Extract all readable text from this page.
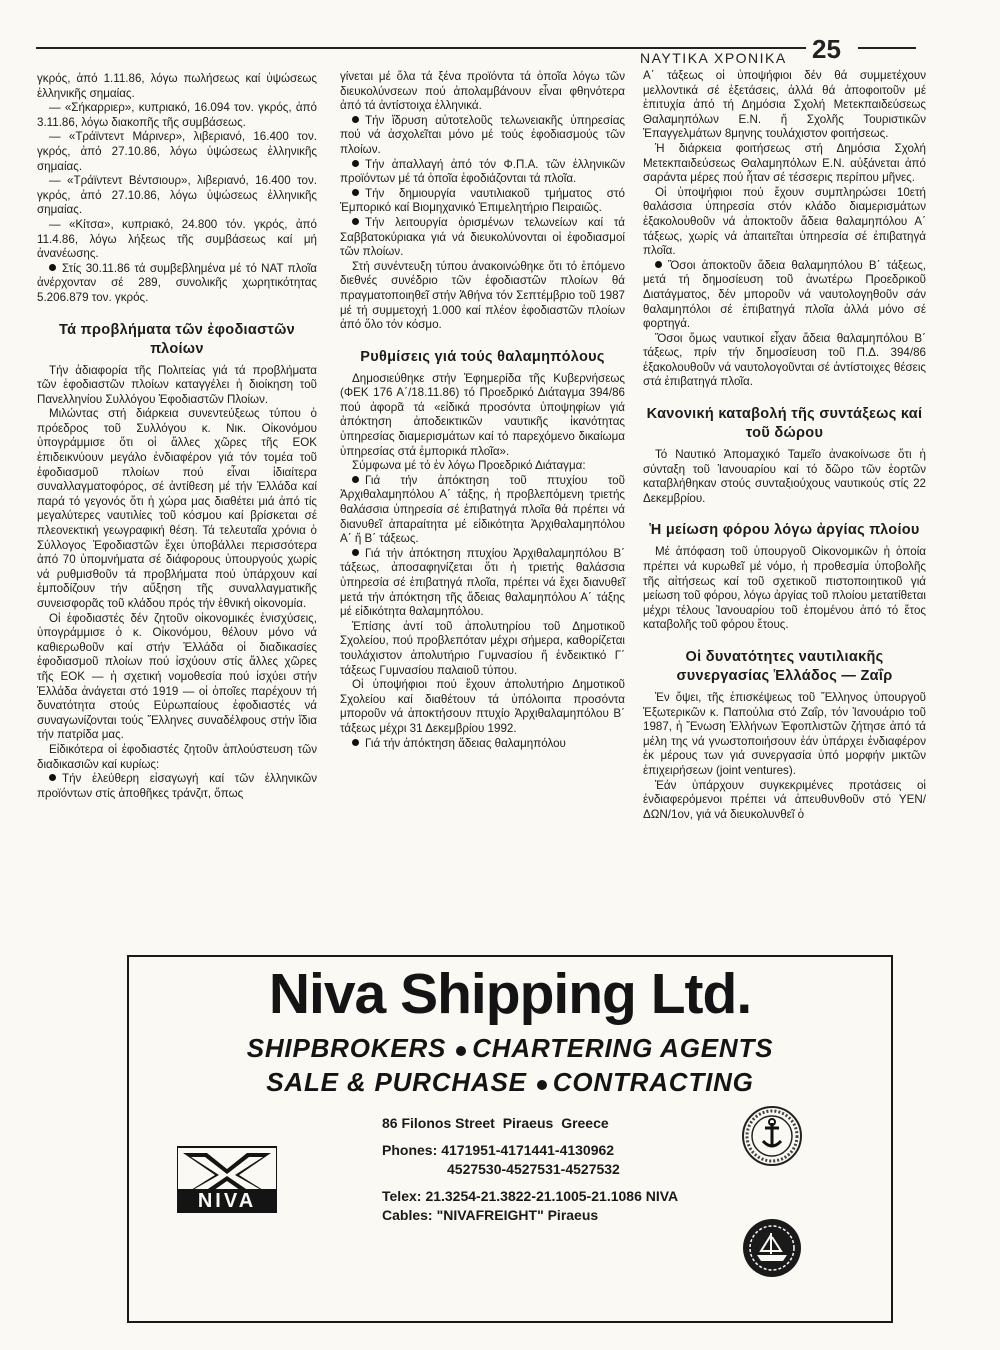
ΝΑΥΤΙΚΑ ΧΡΟΝΙΚΑ 25

γκρός, ἀπό 1.11.86, λόγω πωλήσεως καί ὑψώσεως ἑλληνικῆς σημαίας.

— «Σήκαρριερ», κυπριακό, 16.094 τον. γκρός, ἀπό 3.11.86, λόγω διακοπῆς τῆς συμβάσεως.

— «Τράϊντεντ Μάρινερ», λιβεριανό, 16.400 τον. γκρός, ἀπό 27.10.86, λόγω ὑψώσεως ἑλληνικῆς σημαίας.

— «Τράϊντεντ Βέντσιουρ», λιβεριανό, 16.400 τον. γκρός, ἀπό 27.10.86, λόγω ὑψώσεως ἑλληνικῆς σημαίας.

— «Κίτσα», κυπριακό, 24.800 τόν. γκρός, ἀπό 11.4.86, λόγω λήξεως τῆς συμβάσεως καί μή ἀνανέωσης.

Στίς 30.11.86 τά συμβεβλημένα μέ τό ΝΑΤ πλοῖα ἀνέρχονταν σέ 289, συνολικῆς χωρητικότητας 5.206.879 τον. γκρός.

Τά προβλήματα τῶν ἐφοδιαστῶν πλοίων

Τήν ἀδιαφορία τῆς Πολιτείας γιά τά προβλήματα τῶν ἐφοδιαστῶν πλοίων καταγγέλει ἡ διοίκηση τοῦ Πανελληνίου Συλλόγου Ἐφοδιαστῶν Πλοίων.

Μιλώντας στή διάρκεια συνεντεύξεως τύπου ὁ πρόεδρος τοῦ Συλλόγου κ. Νικ. Οἰκονόμου ὑπογράμμισε ὅτι οἱ ἄλλες χῶρες τῆς ΕΟΚ ἐπιδεικνύουν μεγάλο ἐνδιαφέρον γιά τόν τομέα τοῦ ἐφοδιασμοῦ πλοίων πού εἶναι ἰδιαίτερα συναλλαγματοφόρος, σέ ἀντίθεση μέ τήν Ἑλλάδα καί παρά τό γεγονός ὅτι ἡ χώρα μας διαθέτει μιά ἀπό τίς μεγαλύτερες ναυτιλίες τοῦ κόσμου καί βρίσκεται σέ πλεονεκτική γεωγραφική θέση. Τά τελευταῖα χρόνια ὁ Σύλλογος Ἐφοδιαστῶν ἔχει ὑποβάλλει περισσότερα ἀπό 70 ὑπομνήματα σέ διάφορους ὑπουργούς χωρίς νά ρυθμισθοῦν τά προβλήματα πού ὑπάρχουν καί ἐμποδίζουν τήν αὔξηση τῆς συναλλαγματικῆς συνεισφορᾶς τοῦ κλάδου πρός τήν ἐθνική οἰκονομία.

Οἱ ἐφοδιαστές δέν ζητοῦν οἰκονομικές ἐνισχύσεις, ὑπογράμμισε ὁ κ. Οἰκονόμου, θέλουν μόνο νά καθιερωθοῦν καί στήν Ἑλλάδα οἱ διαδικασίες ἐφοδιασμοῦ πλοίων πού ἰσχύουν στίς ἄλλες χῶρες τῆς ΕΟΚ — ἡ σχετική νομοθεσία πού ἰσχύει στήν Ἑλλάδα ἀνάγεται στό 1919 — οἱ ὁποῖες παρέχουν τή δυνατότητα στούς Εὐρωπαίους ἐφοδιαστές νά συναγωνίζονται τούς Ἕλληνες συναδέλφους στήν ἴδια τήν πατρίδα μας.

Εἰδικότερα οἱ ἐφοδιαστές ζητοῦν ἁπλούστευση τῶν διαδικασιῶν καί κυρίως:

Τήν ἐλεύθερη εἰσαγωγή καί τῶν ἑλληνικῶν προϊόντων στίς ἀποθῆκες τράνζιτ, ὅπως

γίνεται μέ ὅλα τά ξένα προϊόντα τά ὁποῖα λόγω τῶν διευκολύνσεων πού ἀπολαμβάνουν εἶναι φθηνότερα ἀπό τά ἀντίστοιχα ἑλληνικά.

Τήν ἵδρυση αὐτοτελοῦς τελωνειακῆς ὑπηρεσίας πού νά ἀσχολεῖται μόνο μέ τούς ἐφοδιασμούς τῶν πλοίων.

Τήν ἀπαλλαγή ἀπό τόν Φ.Π.Α. τῶν ἑλληνικῶν προϊόντων μέ τά ὁποῖα ἐφοδιάζονται τά πλοῖα.

Τήν δημιουργία ναυτιλιακοῦ τμήματος στό Ἐμπορικό καί Βιομηχανικό Ἐπιμελητήριο Πειραιῶς.

Τήν λειτουργία ὁρισμένων τελωνείων καί τά Σαββατοκύριακα γιά νά διευκολύνονται οἱ ἐφοδιασμοί τῶν πλοίων.

Στή συνέντευξη τύπου ἀνακοινώθηκε ὅτι τό ἑπόμενο διεθνές συνέδριο τῶν ἐφοδιαστῶν πλοίων θά πραγματοποιηθεῖ στήν Ἀθήνα τόν Σεπτέμβριο τοῦ 1987 μέ τή συμμετοχή 1.000 καί πλέον ἐφοδιαστῶν πλοίων ἀπό ὅλο τόν κόσμο.

Ρυθμίσεις γιά τούς θαλαμηπόλους

Δημοσιεύθηκε στήν Ἐφημερίδα τῆς Κυβερνήσεως (ΦΕΚ 176 Α΄/18.11.86) τό Προεδρικό Διάταγμα 394/86 πού ἀφορᾶ τά «εἰδικά προσόντα ὑποψηφίων γιά ἀπόκτηση ἀποδεικτικῶν ναυτικῆς ἱκανότητας ὑπηρεσίας διαμερισμάτων καί τό παρεχόμενο δικαίωμα ὑπηρεσίας στά ἐμπορικά πλοῖα».

Σύμφωνα μέ τό ἐν λόγω Προεδρικό Διάταγμα:

Γιά τήν ἀπόκτηση τοῦ πτυχίου τοῦ Ἀρχιθαλαμηπόλου Α΄ τάξης, ἡ προβλεπόμενη τριετής θαλάσσια ὑπηρεσία σέ ἐπιβατηγά πλοῖα θά πρέπει νά διανυθεῖ ἀπαραίτητα μέ εἰδικότητα Ἀρχιθαλαμηπόλου Α΄ ἤ Β΄ τάξεως.

Γιά τήν ἀπόκτηση πτυχίου Ἀρχιθαλαμηπόλου Β΄ τάξεως, ἀποσαφηνίζεται ὅτι ἡ τριετής θαλάσσια ὑπηρεσία σέ ἐπιβατηγά πλοῖα, πρέπει νά ἔχει διανυθεῖ μετά τήν ἀπόκτηση τῆς ἄδειας θαλαμηπόλου Α΄ τάξης μέ εἰδικότητα θαλαμηπόλου.

Ἐπίσης ἀντί τοῦ ἀπολυτηρίου τοῦ Δημοτικοῦ Σχολείου, πού προβλεπόταν μέχρι σήμερα, καθορίζεται τουλάχιστον ἀπολυτήριο Γυμνασίου ἤ ἐνδεικτικό Γ΄ τάξεως Γυμνασίου παλαιοῦ τύπου.

Οἱ ὑποψήφιοι πού ἔχουν ἀπολυτήριο Δημοτικοῦ Σχολείου καί διαθέτουν τά ὑπόλοιπα προσόντα μποροῦν νά ἀποκτήσουν πτυχίο Ἀρχιθαλαμηπόλου Β΄ τάξεως μέχρι 31 Δεκεμβρίου 1992.

Γιά τήν ἀπόκτηση ἄδειας θαλαμηπόλου

Α΄ τάξεως οἱ ὑποψήφιοι δέν θά συμμετέχουν μελλοντικά σέ ἐξετάσεις, ἀλλά θά ἀποφοιτοῦν μέ ἐπιτυχία ἀπό τή Δημόσια Σχολή Μετεκπαιδεύσεως Θαλαμηπόλων Ε.Ν. ἤ Σχολῆς Τουριστικῶν Ἐπαγγελμάτων 8μηνης τουλάχιστον φοιτήσεως.

Ἡ διάρκεια φοιτήσεως στή Δημόσια Σχολή Μετεκπαιδεύσεως Θαλαμηπόλων Ε.Ν. αὐξάνεται ἀπό σαράντα μέρες πού ἦταν σέ τέσσερις περίπου μῆνες.

Οἱ ὑποψήφιοι πού ἔχουν συμπληρώσει 10ετή θαλάσσια ὑπηρεσία στόν κλάδο διαμερισμάτων ἐξακολουθοῦν νά ἀποκτοῦν ἄδεια θαλαμηπόλου Α΄ τάξεως, χωρίς νά ἀπαιτεῖται ὑπηρεσία σέ ἐπιβατηγά πλοῖα.

Ὅσοι ἀποκτοῦν ἄδεια θαλαμηπόλου Β΄ τάξεως, μετά τή δημοσίευση τοῦ ἀνωτέρω Προεδρικοῦ Διατάγματος, δέν μποροῦν νά ναυτολογηθοῦν σάν θαλαμηπόλοι σέ ἐπιβατηγά πλοῖα ἀλλά μόνο σέ φορτηγά.

Ὅσοι ὅμως ναυτικοί εἶχαν ἄδεια θαλαμηπόλου Β΄ τάξεως, πρίν τήν δημοσίευση τοῦ Π.Δ. 394/86 ἐξακολουθοῦν νά ναυτολογοῦνται σέ ἀντίστοιχες θέσεις στά ἐπιβατηγά πλοῖα.

Κανονική καταβολή τῆς συντάξεως καί τοῦ δώρου

Τό Ναυτικό Ἀπομαχικό Ταμεῖο ἀνακοίνωσε ὅτι ἡ σύνταξη τοῦ Ἰανουαρίου καί τό δῶρο τῶν ἑορτῶν καταβλήθηκαν στούς συνταξιούχους ναυτικούς στίς 22 Δεκεμβρίου.

Ἡ μείωση φόρου λόγω ἀργίας πλοίου

Μέ ἀπόφαση τοῦ ὑπουργοῦ Οἰκονομικῶν ἡ ὁποία πρέπει νά κυρωθεῖ μέ νόμο, ἡ προθεσμία ὑποβολῆς τῆς αἰτήσεως καί τοῦ σχετικοῦ πιστοποιητικοῦ γιά μείωση τοῦ φόρου, λόγω ἀργίας τοῦ πλοίου μετατίθεται μέχρι τέλους Ἰανουαρίου τοῦ ἑπομένου ἀπό τό ἔτος καταβολῆς τοῦ φόρου ἔτους.

Οἱ δυνατότητες ναυτιλιακῆς συνεργασίας Ἑλλάδος — Ζαΐρ

Ἐν ὄψει, τῆς ἐπισκέψεως τοῦ Ἕλληνος ὑπουργοῦ Ἐξωτερικῶν κ. Παπούλια στό Ζαΐρ, τόν Ἰανουάριο τοῦ 1987, ἡ Ἕνωση Ἑλλήνων Ἐφοπλιστῶν ζήτησε ἀπό τά μέλη της νά γνωστοποιήσουν ἐάν ὑπάρχει ἐνδιαφέρον ἐκ μέρους των γιά συνεργασία ὑπό μορφήν μικτῶν ἐπιχειρήσεων (joint ventures).

Ἐάν ὑπάρχουν συγκεκριμένες προτάσεις οἱ ἐνδιαφερόμενοι πρέπει νά ἀπευθυνθοῦν στό ΥΕΝ/ΔΩΝ/1ον, γιά νά διευκολυνθεῖ ὁ

Niva Shipping Ltd.
SHIPBROKERS CHARTERING AGENTS
SALE & PURCHASE CONTRACTING
NIVA
86 Filonos Street Piraeus Greece
Phones: 4171951-4171441-4130962
4527530-4527531-4527532
Telex: 21.3254-21.3822-21.1005-21.1086 NIVA
Cables: "NIVAFREIGHT" Piraeus
